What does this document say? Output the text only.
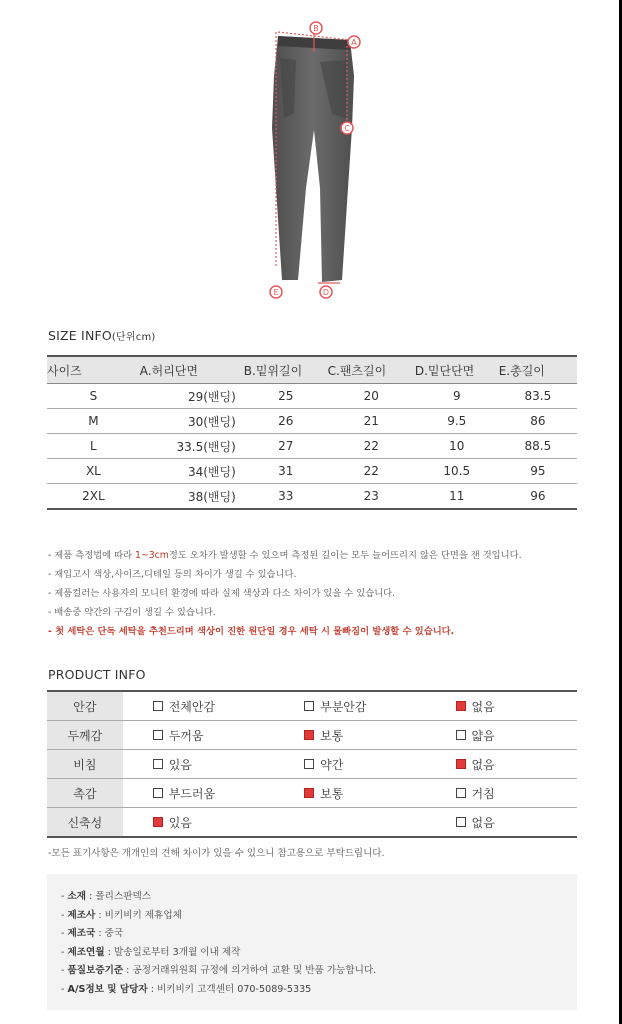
A
B
C
D
E
SIZE INFO(단위cm)
사이즈	A.허리단면	B.밑위길이	C.팬츠길이	D.밑단단면	E.총길이
S	29(밴딩)	25	20	9	83.5
M	30(밴딩)	26	21	9.5	86
L	33.5(밴딩)	27	22	10	88.5
XL	34(밴딩)	31	22	10.5	95
2XL	38(밴딩)	33	23	11	96
- 제품 측정법에 따라 1~3cm정도 오차가 발생할 수 있으며 측정된 길이는 모두 늘어뜨리지 않은 단면을 잰 것입니다.
- 재입고시 색상,사이즈,디테일 등의 차이가 생길 수 있습니다.
- 제품컬러는 사용자의 모니터 환경에 따라 실제 색상과 다소 차이가 있을 수 있습니다.
- 배송중 약간의 구김이 생길 수 있습니다.
- 첫 세탁은 단독 세탁을 추천드리며 색상이 진한 원단일 경우 세탁 시 물빠짐이 발생할 수 있습니다.
PRODUCT INFO
안감	전체안감	부분안감	없음

두께감	두꺼움	보통	얇음

비침	있음	약간	없음

촉감	부드러움	보통	거침

신축성	있음		없음
-모든 표기사항은 개개인의 견해 차이가 있을 수 있으니 참고용으로 부탁드립니다.
- 소재 : 폴리스판덱스
- 제조사 : 비키비키 제휴업체
- 제조국 : 중국
- 제조연월 : 발송일로부터 3개월 이내 제작
- 품질보증기준 : 공정거래위원회 규정에 의거하여 교환 및 반품 가능합니다.
- A/S정보 및 담당자 : 비키비키 고객센터 070-5089-5335
